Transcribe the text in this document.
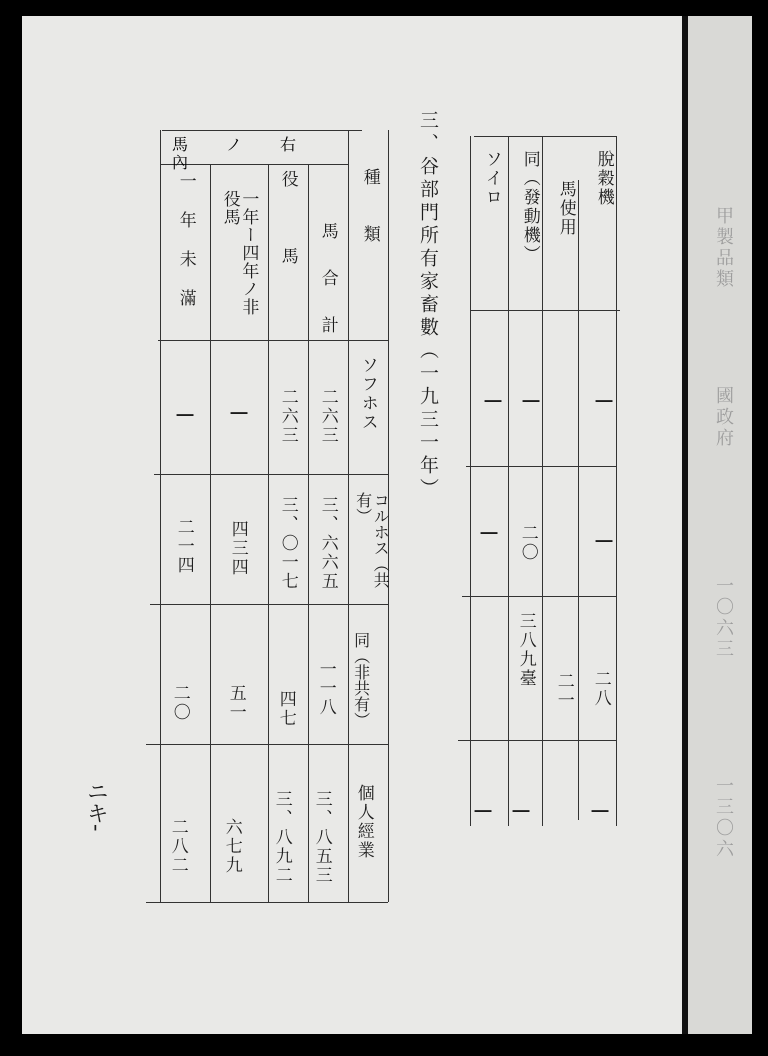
甲製品類
國政府
一〇六三
一三〇六
三、谷部門所有家畜數（一九三一年）	脫穀機
馬使用
同（發動機）
ソイロ
|
|
二八
|
二一
|
二〇
三八九臺
|
|
|
|
種類
馬ノ右內
馬合計
役馬
一年ー四年ノ非役馬
一年未滿
ソフホス
コルホス（共有）
同（非共有）
個人經業
二六三
三、六六五
一一八
三、八五三
二六三
三、〇一七
四七
三、八九二
|
四三四
五一
六七九
|
二一四
二〇
二八二
ニキ-
